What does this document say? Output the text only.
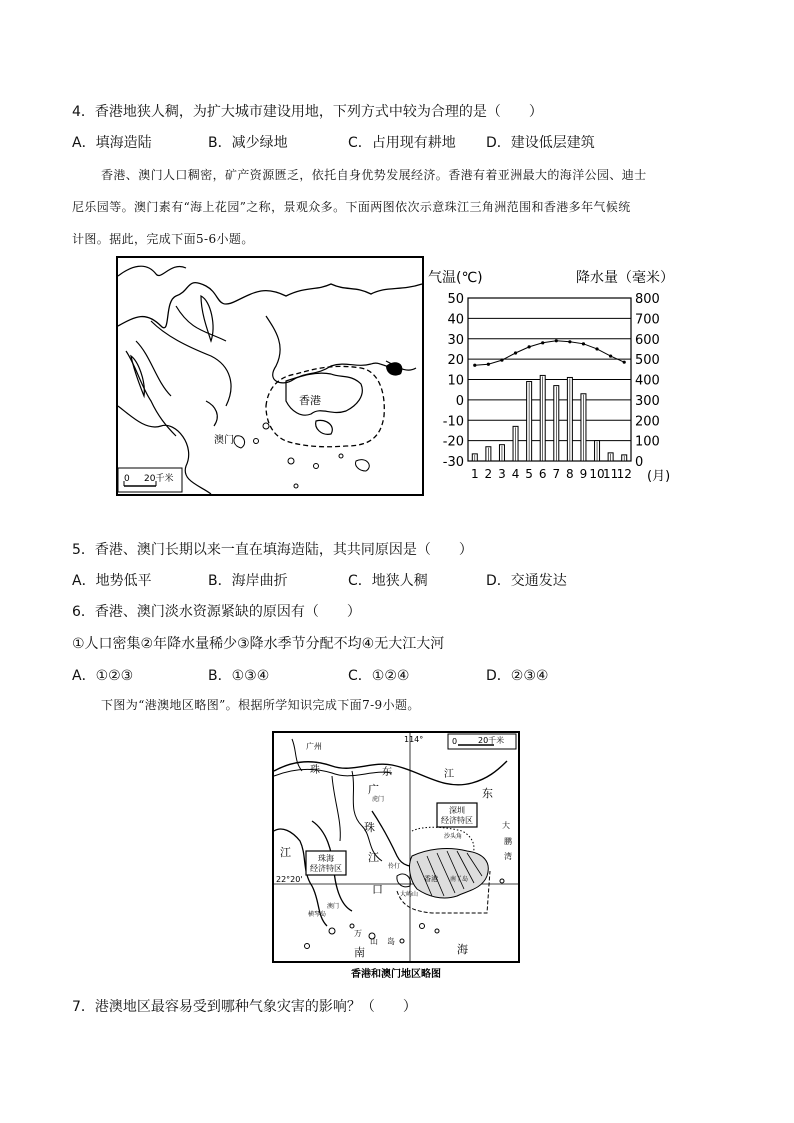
4．香港地狭人稠，为扩大城市建设用地，下列方式中较为合理的是（　　）
A．填海造陆	B．减少绿地	C．占用现有耕地 D．建设低层建筑
香港、澳门人口稠密，矿产资源匮乏，依托自身优势发展经济。香港有着亚洲最大的海洋公园、迪士
尼乐园等。澳门素有“海上花园”之称，景观众多。下面两图依次示意珠江三角洲范围和香港多年气候统
计图。据此，完成下面5-6小题。
香港
澳门
0 20千米
气温(℃)	降水量（毫米）
50	800
40	700
30	600
20	500
10	400
0	300
-10	200
-20	100
-30	0
1 2 3 4 5 6 7 8 9 10
11
12 (月)
5．香港、澳门长期以来一直在填海造陆，其共同原因是（　　）
A．地势低平	B．海岸曲折	C．地狭人稠	D．交通发达
6．香港、澳门淡水资源紧缺的原因有（　　）
①人口密集②年降水量稀少③降水季节分配不均④无大江大河
A．①②③	B．①③④	C．①②④	D．②③④
下图为“港澳地区略图”。根据所学知识完成下面7-9小题。
114°
22°20'
0	20千米
广州
珠	东	江
东
广
珠
江
口
江
虎门
深圳
经济特区
珠海
经济特区
沙头角
大
鹏
湾
香港
伶仃
大屿山
南丫岛
澳门
横琴岛
万
山 岛
南	海
香港和澳门地区略图
7．港澳地区最容易受到哪种气象灾害的影响？（　　）
